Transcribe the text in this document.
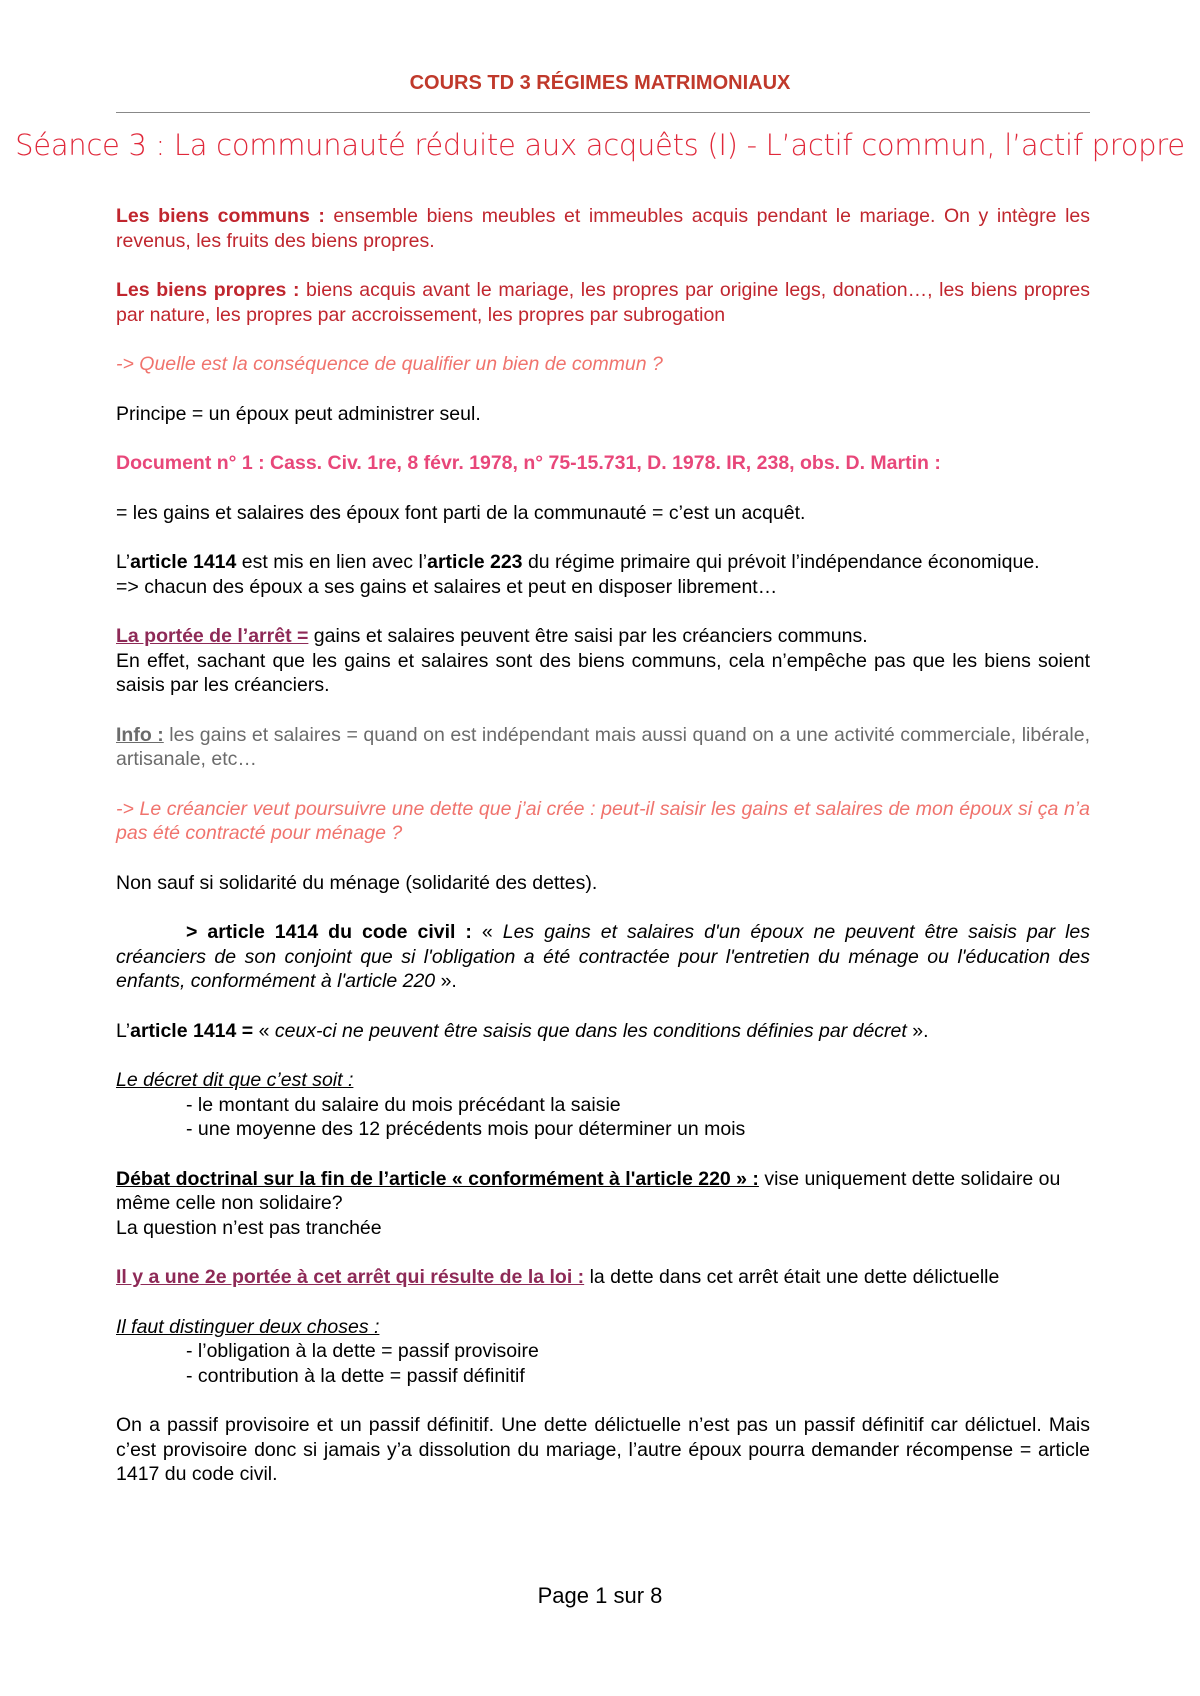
COURS TD 3 RÉGIMES MATRIMONIAUX
Séance 3 : La communauté réduite aux acquêts (I) - L’actif commun, l’actif propre

Les biens communs : ensemble biens meubles et immeubles acquis pendant le mariage. On y intègre les revenus, les fruits des biens propres.

Les biens propres : biens acquis avant le mariage, les propres par origine legs, donation…, les biens propres par nature, les propres par accroissement, les propres par subrogation

-> Quelle est la conséquence de qualifier un bien de commun ?

Principe = un époux peut administrer seul.

Document n° 1 : Cass. Civ. 1re, 8 févr. 1978, n° 75-15.731, D. 1978. IR, 238, obs. D. Martin :

= les gains et salaires des époux font parti de la communauté = c’est un acquêt.

L’article 1414 est mis en lien avec l’article 223 du régime primaire qui prévoit l’indépendance économique.

=> chacun des époux a ses gains et salaires et peut en disposer librement…

La portée de l’arrêt = gains et salaires peuvent être saisi par les créanciers communs.

En effet, sachant que les gains et salaires sont des biens communs, cela n’empêche pas que les biens soient saisis par les créanciers.

Info : les gains et salaires = quand on est indépendant mais aussi quand on a une activité commerciale, libérale, artisanale, etc…

-> Le créancier veut poursuivre une dette que j’ai crée : peut-il saisir les gains et salaires de mon époux si ça n’a pas été contracté pour ménage ?

Non sauf si solidarité du ménage (solidarité des dettes).

> article 1414 du code civil : « Les gains et salaires d'un époux ne peuvent être saisis par les créanciers de son conjoint que si l'obligation a été contractée pour l'entretien du ménage ou l'éducation des enfants, conformément à l'article 220 ».

L’article 1414 = « ceux-ci ne peuvent être saisis que dans les conditions définies par décret ».

Le décret dit que c’est soit :

- le montant du salaire du mois précédant la saisie

- une moyenne des 12 précédents mois pour déterminer un mois

Débat doctrinal sur la fin de l’article « conformément à l'article 220 » : vise uniquement dette solidaire ou même celle non solidaire?

La question n’est pas tranchée

Il y a une 2e portée à cet arrêt qui résulte de la loi : la dette dans cet arrêt était une dette délictuelle

Il faut distinguer deux choses :

- l’obligation à la dette = passif provisoire

- contribution à la dette = passif définitif

On a passif provisoire et un passif définitif. Une dette délictuelle n’est pas un passif définitif car délictuel. Mais c’est provisoire donc si jamais y’a dissolution du mariage, l’autre époux pourra demander récompense = article 1417 du code civil.

Page 1 sur 8
